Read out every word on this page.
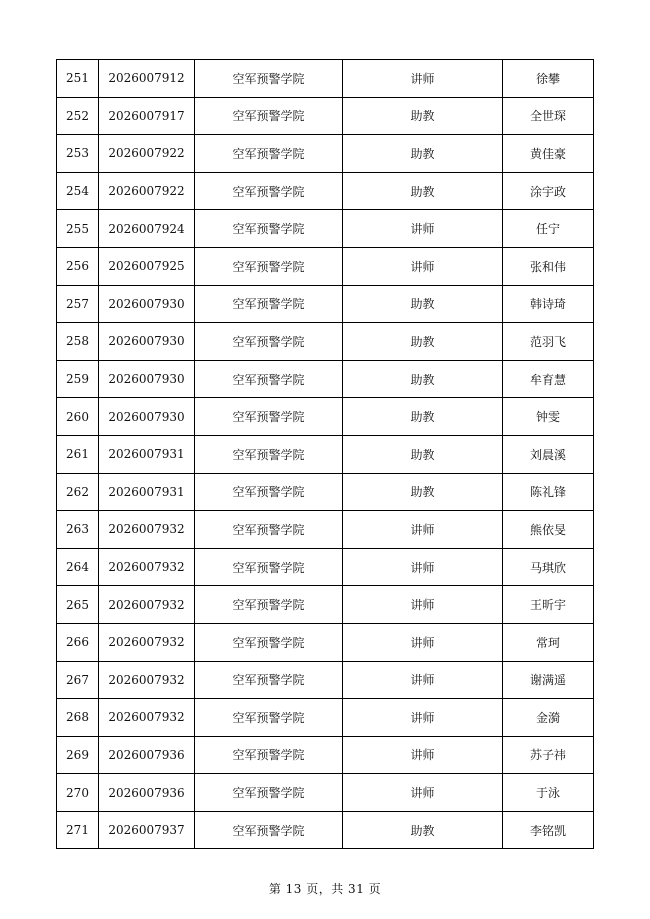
251	2026007912	空军预警学院	讲师	徐攀
252	2026007917	空军预警学院	助教	全世琛
253	2026007922	空军预警学院	助教	黄佳豪
254	2026007922	空军预警学院	助教	涂宇政
255	2026007924	空军预警学院	讲师	任宁
256	2026007925	空军预警学院	讲师	张和伟
257	2026007930	空军预警学院	助教	韩诗琦
258	2026007930	空军预警学院	助教	范羽飞
259	2026007930	空军预警学院	助教	牟育慧
260	2026007930	空军预警学院	助教	钟雯
261	2026007931	空军预警学院	助教	刘晨溪
262	2026007931	空军预警学院	助教	陈礼锋
263	2026007932	空军预警学院	讲师	熊依旻
264	2026007932	空军预警学院	讲师	马琪欣
265	2026007932	空军预警学院	讲师	王昕宇
266	2026007932	空军预警学院	讲师	常珂
267	2026007932	空军预警学院	讲师	谢满遥
268	2026007932	空军预警学院	讲师	金漪
269	2026007936	空军预警学院	讲师	苏子祎
270	2026007936	空军预警学院	讲师	于泳
271	2026007937	空军预警学院	助教	李铭凯
第 13 页，共 31 页
